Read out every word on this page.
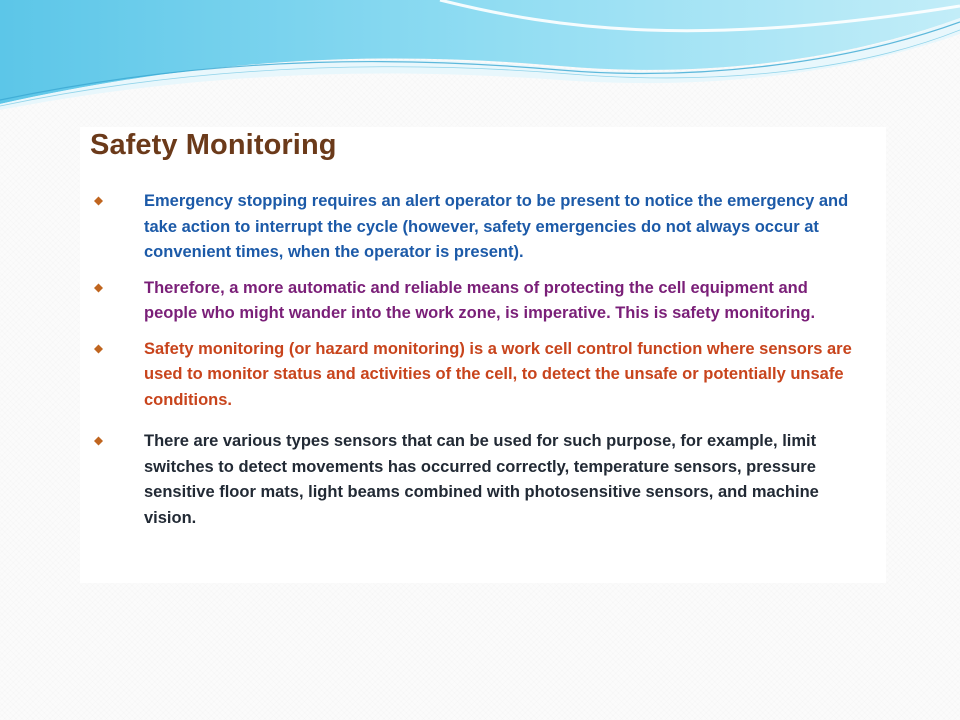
Safety Monitoring
Emergency stopping requires an alert operator to be present to notice the emergency and take action to interrupt the cycle (however, safety emergencies do not always occur at convenient times, when the operator is present).
Therefore, a more automatic and reliable means of protecting the cell equipment and people who might wander into the work zone, is imperative. This is safety monitoring.
Safety monitoring (or hazard monitoring) is a work cell control function where sensors are used to monitor status and activities of the cell, to detect the unsafe or potentially unsafe conditions.
There are various types sensors that can be used for such purpose, for example, limit switches to detect movements has occurred correctly, temperature sensors, pressure sensitive floor mats, light beams combined with photosensitive sensors, and machine vision.
